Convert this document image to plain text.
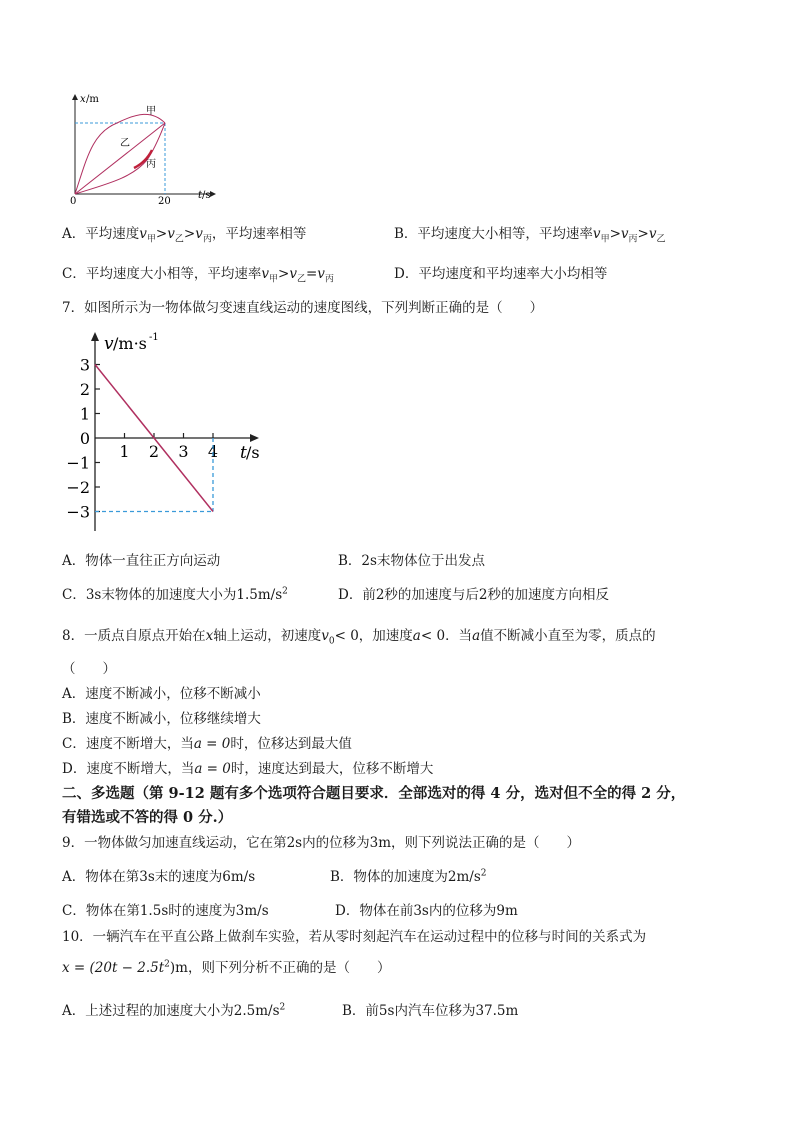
x /m
t /s
0	20
甲
乙
丙
A．平均速度$v_甲>v_乙>v_丙$，平均速率相等	B．平均速度大小相等，平均速率$v_甲>v_丙>v_乙$
C．平均速度大小相等，平均速率$v_甲>v_乙=v_丙$	D．平均速度和平均速率大小均相等
7．如图所示为一物体做匀变速直线运动的速度图线，下列判断正确的是（　　）
1 2 3 4
3
2
1
0
−1
−2
−3
v /m·s -1
t /s
A．物体一直往正方向运动	B．2s末物体位于出发点
C．3s末物体的加速度大小为$1.5m/s^2$	D．前2秒的加速度与后2秒的加速度方向相反
8．一质点自原点开始在x轴上运动，初速度$v_0< 0$，加速度a< 0．当a值不断减小直至为零，质点的
（　　）
A．速度不断减小，位移不断减小
B．速度不断减小，位移继续增大
C．速度不断增大，当a = 0时，位移达到最大值
D．速度不断增大，当a = 0时，速度达到最大，位移不断增大
二、多选题（第 9-12 题有多个选项符合题目要求．全部选对的得 4 分，选对但不全的得 2 分，
有错选或不答的得 0 分.）
9．一物体做匀加速直线运动，它在第2s内的位移为3m，则下列说法正确的是（　　）
A．物体在第3s末的速度为6m/s	B．物体的加速度为$2m/s^2$
C．物体在第1.5s时的速度为3m/s	D．物体在前3s内的位移为9m
10．一辆汽车在平直公路上做刹车实验，若从零时刻起汽车在运动过程中的位移与时间的关系式为
$x = (20t - 2.5t^2)m$，则下列分析不正确的是（　　）
A．上述过程的加速度大小为$2.5m/s^2$	B．前5s内汽车位移为37.5m
